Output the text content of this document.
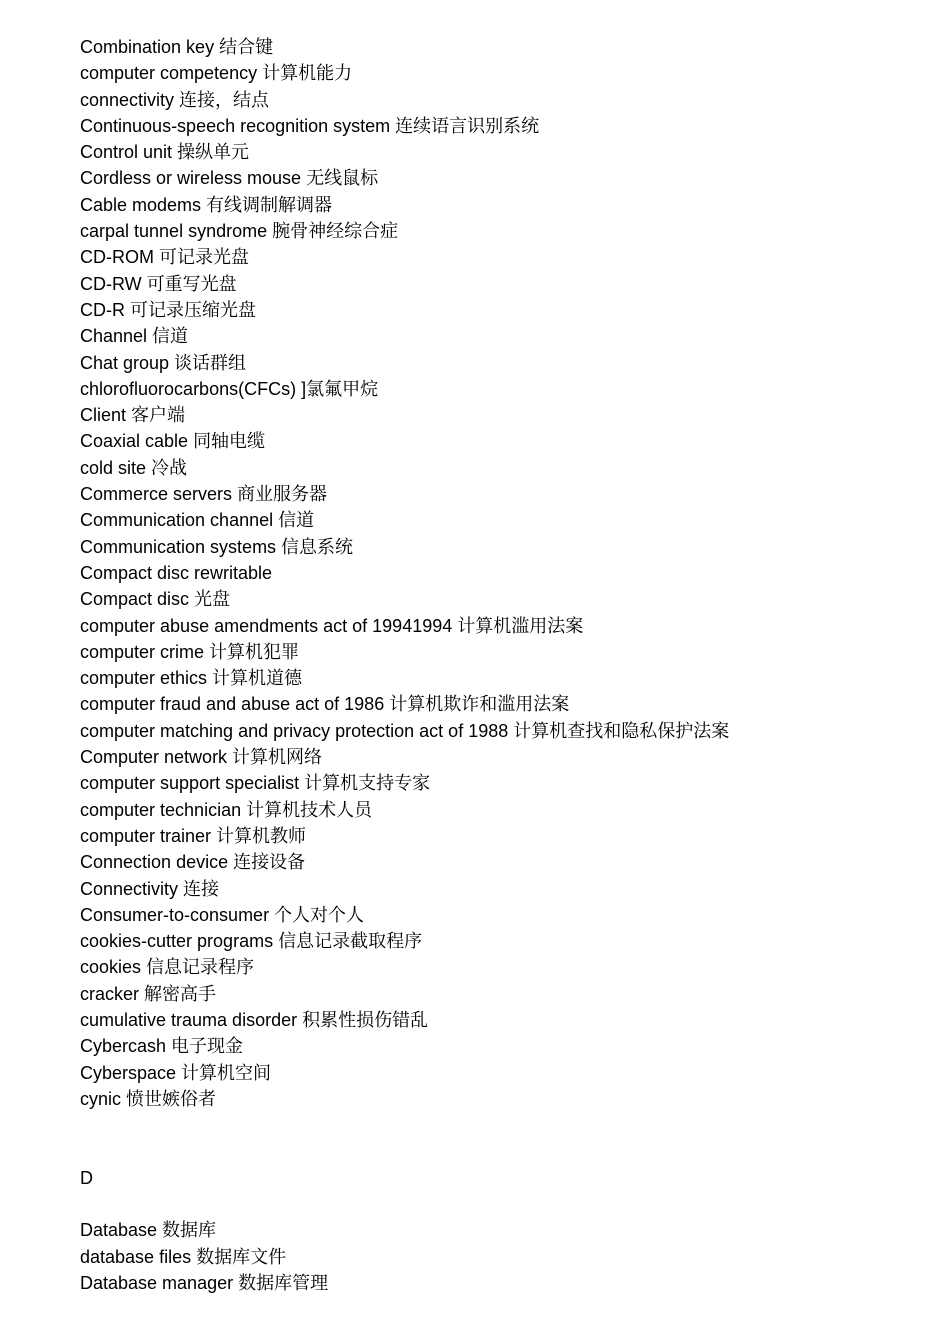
Combination key 结合键
computer competency 计算机能力
connectivity 连接，结点
Continuous-speech recognition system 连续语言识别系统
Control unit 操纵单元
Cordless or wireless mouse 无线鼠标
Cable modems 有线调制解调器
carpal tunnel syndrome 腕骨神经综合症
CD-ROM 可记录光盘
CD-RW 可重写光盘
CD-R 可记录压缩光盘
Channel 信道
Chat group 谈话群组
chlorofluorocarbons(CFCs) ]氯氟甲烷
Client 客户端
Coaxial cable 同轴电缆
cold site 冷战
Commerce servers 商业服务器
Communication channel 信道
Communication systems 信息系统
Compact disc rewritable
Compact disc 光盘
computer abuse amendments act of 19941994 计算机滥用法案
computer crime 计算机犯罪
computer ethics 计算机道德
computer fraud and abuse act of 1986 计算机欺诈和滥用法案
computer matching and privacy protection act of 1988 计算机查找和隐私保护法案
Computer network 计算机网络
computer support specialist 计算机支持专家
computer technician 计算机技术人员
computer trainer 计算机教师
Connection device 连接设备
Connectivity 连接
Consumer-to-consumer 个人对个人
cookies-cutter programs 信息记录截取程序
cookies 信息记录程序
cracker 解密高手
cumulative trauma disorder 积累性损伤错乱
Cybercash 电子现金
Cyberspace 计算机空间
cynic 愤世嫉俗者
D
Database 数据库
database files 数据库文件
Database manager 数据库管理
